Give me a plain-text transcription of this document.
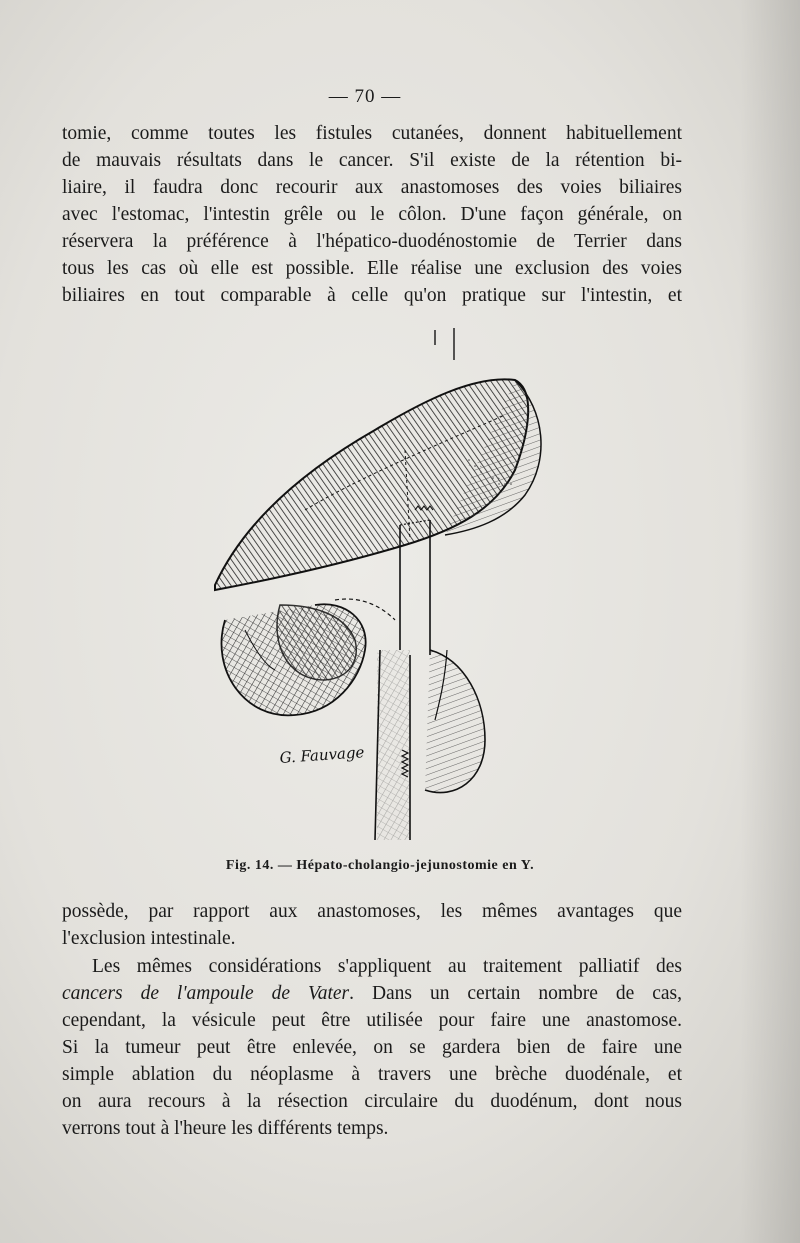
— 70 —
tomie, comme toutes les fistules cutanées, donnent habituellement
de mauvais résultats dans le cancer. S'il existe de la rétention bi-
liaire, il faudra donc recourir aux anastomoses des voies biliaires
avec l'estomac, l'intestin grêle ou le côlon. D'une façon générale, on
réservera la préférence à l'hépatico-duodénostomie de Terrier dans
tous les cas où elle est possible. Elle réalise une exclusion des voies
biliaires en tout comparable à celle qu'on pratique sur l'intestin, et
G. Fauvage
Fig. 14. — Hépato-cholangio-jejunostomie en Y.
possède, par rapport aux anastomoses, les mêmes avantages que
l'exclusion intestinale.
Les mêmes considérations s'appliquent au traitement palliatif des
cancers de l'ampoule de Vater. Dans un certain nombre de cas,
cependant, la vésicule peut être utilisée pour faire une anastomose.
Si la tumeur peut être enlevée, on se gardera bien de faire une
simple ablation du néoplasme à travers une brèche duodénale, et
on aura recours à la résection circulaire du duodénum, dont nous
verrons tout à l'heure les différents temps.
